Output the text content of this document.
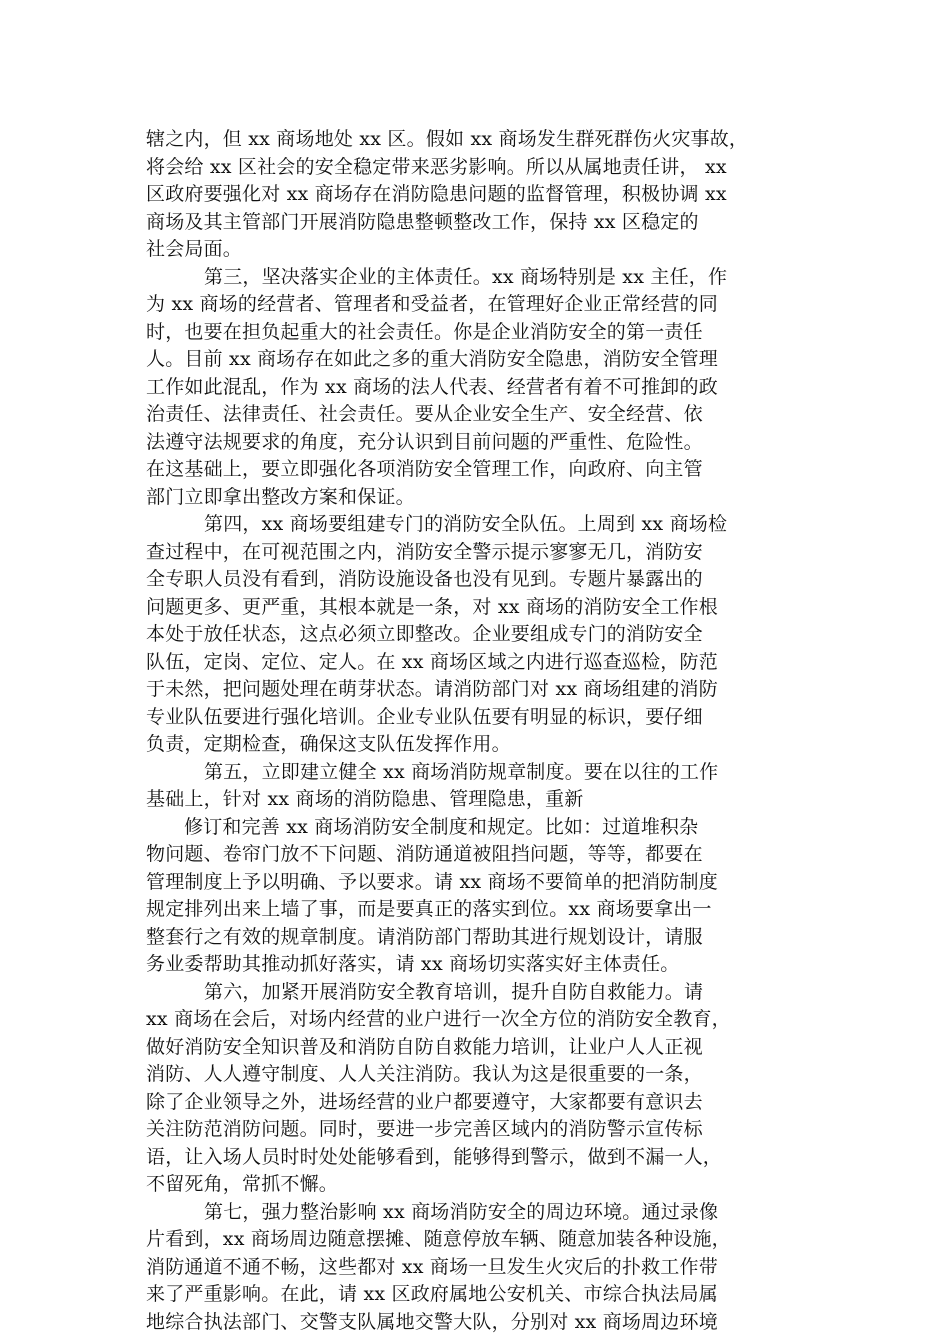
辖之内，但 xx 商场地处 xx 区。假如 xx 商场发生群死群伤火灾事故，
将会给 xx 区社会的安全稳定带来恶劣影响。所以从属地责任讲， xx
区政府要强化对 xx 商场存在消防隐患问题的监督管理，积极协调 xx
商场及其主管部门开展消防隐患整顿整改工作，保持 xx 区稳定的
社会局面。
第三，坚决落实企业的主体责任。xx 商场特别是 xx 主任，作
为 xx 商场的经营者、管理者和受益者，在管理好企业正常经营的同
时，也要在担负起重大的社会责任。你是企业消防安全的第一责任
人。目前 xx 商场存在如此之多的重大消防安全隐患，消防安全管理
工作如此混乱，作为 xx 商场的法人代表、经营者有着不可推卸的政
治责任、法律责任、社会责任。要从企业安全生产、安全经营、依
法遵守法规要求的角度，充分认识到目前问题的严重性、危险性。
在这基础上，要立即强化各项消防安全管理工作，向政府、向主管
部门立即拿出整改方案和保证。
第四，xx 商场要组建专门的消防安全队伍。上周到 xx 商场检
查过程中，在可视范围之内，消防安全警示提示寥寥无几，消防安
全专职人员没有看到，消防设施设备也没有见到。专题片暴露出的
问题更多、更严重，其根本就是一条，对 xx 商场的消防安全工作根
本处于放任状态，这点必须立即整改。企业要组成专门的消防安全
队伍，定岗、定位、定人。在 xx 商场区域之内进行巡查巡检，防范
于未然，把问题处理在萌芽状态。请消防部门对 xx 商场组建的消防
专业队伍要进行强化培训。企业专业队伍要有明显的标识，要仔细
负责，定期检查，确保这支队伍发挥作用。
第五，立即建立健全 xx 商场消防规章制度。要在以往的工作
基础上，针对 xx 商场的消防隐患、管理隐患，重新
修订和完善 xx 商场消防安全制度和规定。比如：过道堆积杂
物问题、卷帘门放不下问题、消防通道被阻挡问题，等等，都要在
管理制度上予以明确、予以要求。请 xx 商场不要简单的把消防制度
规定排列出来上墙了事，而是要真正的落实到位。xx 商场要拿出一
整套行之有效的规章制度。请消防部门帮助其进行规划设计，请服
务业委帮助其推动抓好落实，请 xx 商场切实落实好主体责任。
第六，加紧开展消防安全教育培训，提升自防自救能力。请
xx 商场在会后，对场内经营的业户进行一次全方位的消防安全教育，
做好消防安全知识普及和消防自防自救能力培训，让业户人人正视
消防、人人遵守制度、人人关注消防。我认为这是很重要的一条，
除了企业领导之外，进场经营的业户都要遵守，大家都要有意识去
关注防范消防问题。同时，要进一步完善区域内的消防警示宣传标
语，让入场人员时时处处能够看到，能够得到警示，做到不漏一人，
不留死角，常抓不懈。
第七，强力整治影响 xx 商场消防安全的周边环境。通过录像
片看到，xx 商场周边随意摆摊、随意停放车辆、随意加装各种设施，
消防通道不通不畅，这些都对 xx 商场一旦发生火灾后的扑救工作带
来了严重影响。在此，请 xx 区政府属地公安机关、市综合执法局属
地综合执法部门、交警支队属地交警大队，分别对 xx 商场周边环境
